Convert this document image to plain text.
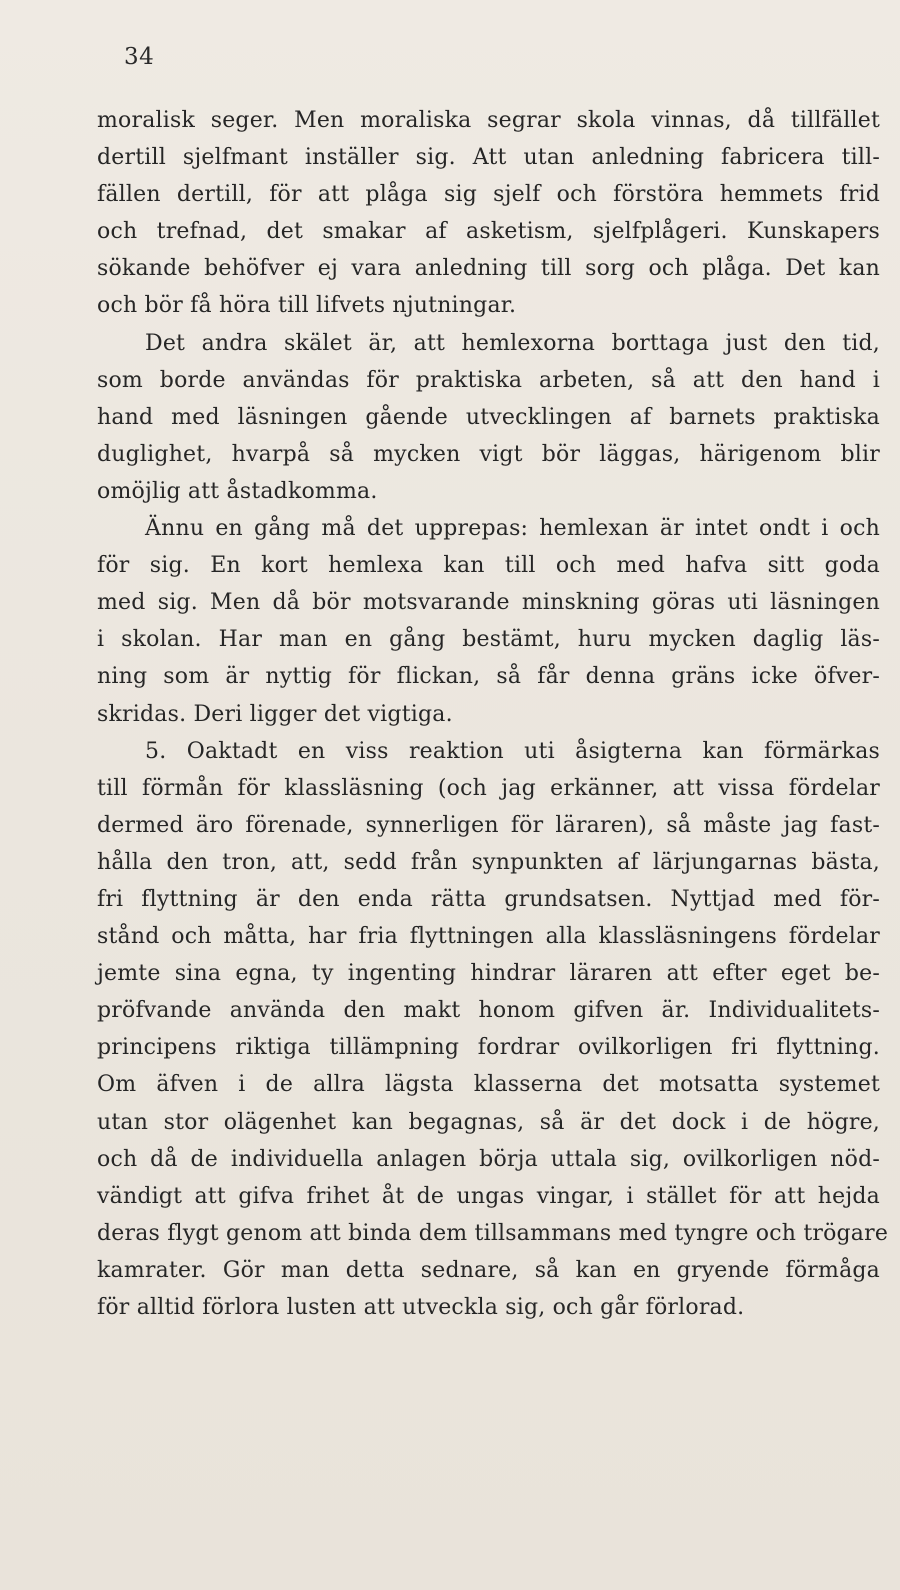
34
moralisk seger. Men moraliska segrar skola vinnas, då tillfället
dertill sjelfmant inställer sig. Att utan anledning fabricera till-
fällen dertill, för att plåga sig sjelf och förstöra hemmets frid
och trefnad, det smakar af asketism, sjelfplågeri. Kunskapers
sökande behöfver ej vara anledning till sorg och plåga. Det kan
och bör få höra till lifvets njutningar.
Det andra skälet är, att hemlexorna borttaga just den tid,
som borde användas för praktiska arbeten, så att den hand i
hand med läsningen gående utvecklingen af barnets praktiska
duglighet, hvarpå så mycken vigt bör läggas, härigenom blir
omöjlig att åstadkomma.
Ännu en gång må det upprepas: hemlexan är intet ondt i och
för sig. En kort hemlexa kan till och med hafva sitt goda
med sig. Men då bör motsvarande minskning göras uti läsningen
i skolan. Har man en gång bestämt, huru mycken daglig läs-
ning som är nyttig för flickan, så får denna gräns icke öfver-
skridas. Deri ligger det vigtiga.
5. Oaktadt en viss reaktion uti åsigterna kan förmärkas
till förmån för klassläsning (och jag erkänner, att vissa fördelar
dermed äro förenade, synnerligen för läraren), så måste jag fast-
hålla den tron, att, sedd från synpunkten af lärjungarnas bästa,
fri flyttning är den enda rätta grundsatsen. Nyttjad med för-
stånd och måtta, har fria flyttningen alla klassläsningens fördelar
jemte sina egna, ty ingenting hindrar läraren att efter eget be-
pröfvande använda den makt honom gifven är. Individualitets-
principens riktiga tillämpning fordrar ovilkorligen fri flyttning.
Om äfven i de allra lägsta klasserna det motsatta systemet
utan stor olägenhet kan begagnas, så är det dock i de högre,
och då de individuella anlagen börja uttala sig, ovilkorligen nöd-
vändigt att gifva frihet åt de ungas vingar, i stället för att hejda
deras flygt genom att binda dem tillsammans med tyngre och trögare
kamrater. Gör man detta sednare, så kan en gryende förmåga
för alltid förlora lusten att utveckla sig, och går förlorad.
